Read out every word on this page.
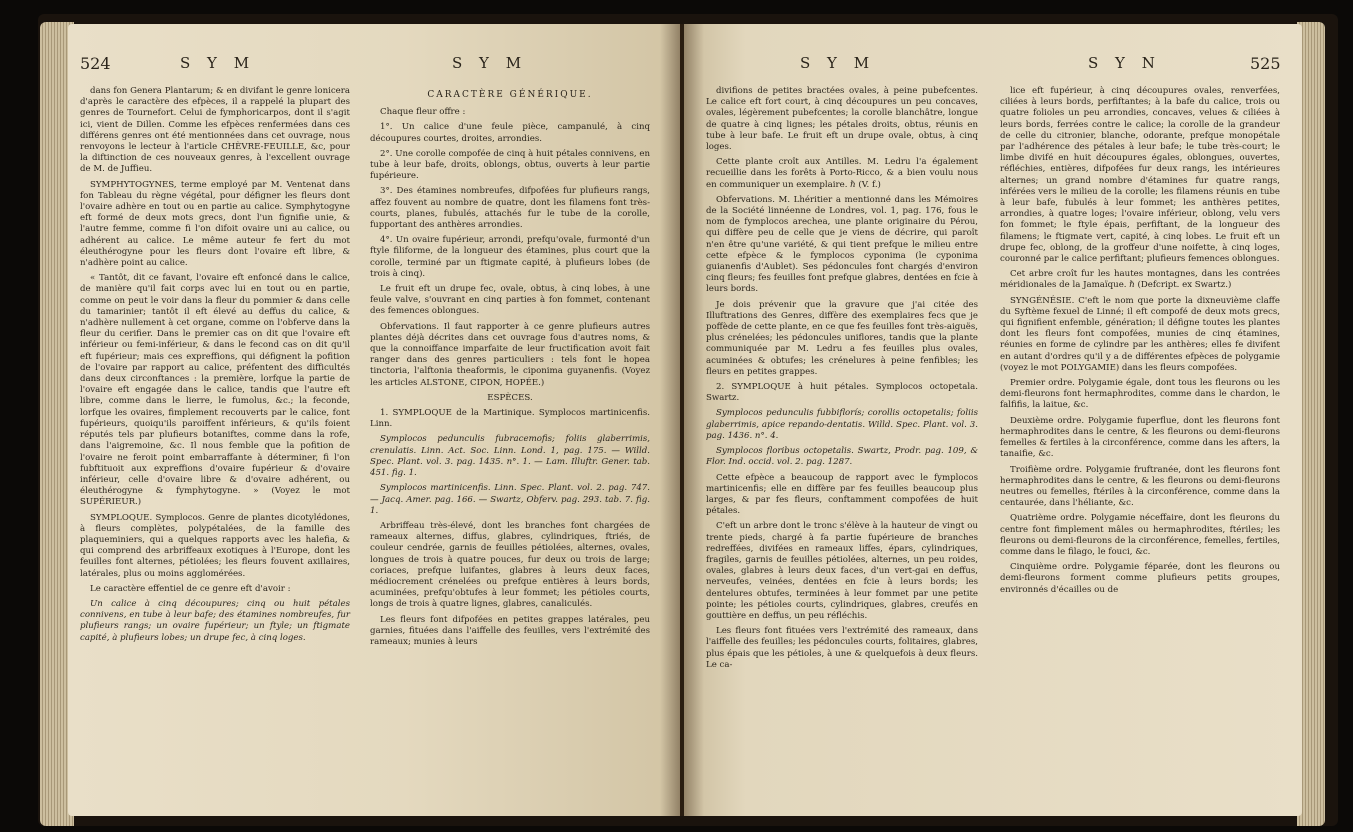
524	S Y M	S Y M

dans fon Genera Plantarum; & en divifant le genre lonicera d'après le caractère des efpèces, il a rappelé la plupart des genres de Tournefort. Celui de fymphoricarpos, dont il s'agit ici, vient de Dillen. Comme les efpèces renfermées dans ces différens genres ont été mentionnées dans cet ouvrage, nous renvoyons le lecteur à l'article CHÈVRE-FEUILLE, &c, pour la diftinction de ces nouveaux genres, à l'excellent ouvrage de M. de Juffieu.

SYMPHYTOGYNES, terme employé par M. Ventenat dans fon Tableau du règne végétal, pour défigner les fleurs dont l'ovaire adhère en tout ou en partie au calice. Symphytogyne eft formé de deux mots grecs, dont l'un fignifie unie, & l'autre femme, comme fi l'on difoit ovaire uni au calice, ou adhérent au calice. Le même auteur fe fert du mot éleuthérogyne pour les fleurs dont l'ovaire eft libre, & n'adhère point au calice.

« Tantôt, dit ce favant, l'ovaire eft enfoncé dans le calice, de manière qu'il fait corps avec lui en tout ou en partie, comme on peut le voir dans la fleur du pommier & dans celle du tamarinier; tantôt il eft élevé au deffus du calice, & n'adhère nullement à cet organe, comme on l'obferve dans la fleur du cerifier. Dans le premier cas on dit que l'ovaire eft inférieur ou femi-inférieur, & dans le fecond cas on dit qu'il eft fupérieur; mais ces expreffions, qui défignent la pofition de l'ovaire par rapport au calice, préfentent des difficultés dans deux circonftances : la première, lorfque la partie de l'ovaire eft engagée dans le calice, tandis que l'autre eft libre, comme dans le lierre, le fumolus, &c.; la feconde, lorfque les ovaires, fimplement recouverts par le calice, font fupérieurs, quoiqu'ils paroiffent inférieurs, & qu'ils foient réputés tels par plufieurs botaniftes, comme dans la rofe, dans l'aigremoine, &c. Il nous femble que la pofition de l'ovaire ne feroit point embarraffante à déterminer, fi l'on fubftituoit aux expreffions d'ovaire fupérieur & d'ovaire inférieur, celle d'ovaire libre & d'ovaire adhérent, ou éleuthérogyne & fymphytogyne. » (Voyez le mot SUPÉRIEUR.)

SYMPLOQUE. Symplocos. Genre de plantes dicotylédones, à fleurs complètes, polypétalées, de la famille des plaqueminiers, qui a quelques rapports avec les halefia, & qui comprend des arbriffeaux exotiques à l'Europe, dont les feuilles font alternes, pétiolées; les fleurs fouvent axillaires, latérales, plus ou moins agglomérées.

Le caractère effentiel de ce genre eft d'avoir :

Un calice à cinq découpures; cinq ou huit pétales connivens, en tube à leur bafe; des étamines nombreufes, fur plufieurs rangs; un ovaire fupérieur; un ftyle; un ftigmate capité, à plufieurs lobes; un drupe fec, à cinq loges.

CARACTÈRE GÉNÉRIQUE.

Chaque fleur offre :

1°. Un calice d'une feule pièce, campanulé, à cinq découpures courtes, droites, arrondies.

2°. Une corolle compofée de cinq à huit pétales connivens, en tube à leur bafe, droits, oblongs, obtus, ouverts à leur partie fupérieure.

3°. Des étamines nombreufes, difpofées fur plufieurs rangs, affez fouvent au nombre de quatre, dont les filamens font très-courts, planes, fubulés, attachés fur le tube de la corolle, fupportant des anthères arrondies.

4°. Un ovaire fupérieur, arrondi, prefqu'ovale, furmonté d'un ftyle filiforme, de la longueur des étamines, plus court que la corolle, terminé par un ftigmate capité, à plufieurs lobes (de trois à cinq).

Le fruit eft un drupe fec, ovale, obtus, à cinq lobes, à une feule valve, s'ouvrant en cinq parties à fon fommet, contenant des femences oblongues.

Obfervations. Il faut rapporter à ce genre plufieurs autres plantes déjà décrites dans cet ouvrage fous d'autres noms, & que la connoiffance imparfaite de leur fructification avoit fait ranger dans des genres particuliers : tels font le hopea tinctoria, l'alftonia theaformis, le ciponima guyanenfis. (Voyez les articles ALSTONE, CIPON, HOPÉE.)

ESPÈCES.

1. SYMPLOQUE de la Martinique. Symplocos martinicenfis. Linn.

Symplocos pedunculis fubracemofis; foliis glaberrimis, crenulatis. Linn. Act. Soc. Linn. Lond. 1, pag. 175. — Willd. Spec. Plant. vol. 3. pag. 1435. n°. 1. — Lam. Illuftr. Gener. tab. 451. fig. 1.

Symplocos martinicenfis. Linn. Spec. Plant. vol. 2. pag. 747. — Jacq. Amer. pag. 166. — Swartz, Obferv. pag. 293. tab. 7. fig. 1.

Arbriffeau très-élevé, dont les branches font chargées de rameaux alternes, diffus, glabres, cylindriques, ftriés, de couleur cendrée, garnis de feuilles pétiolées, alternes, ovales, longues de trois à quatre pouces, fur deux ou trois de large; coriaces, prefque luifantes, glabres à leurs deux faces, médiocrement crénelées ou prefque entières à leurs bords, acuminées, prefqu'obtufes à leur fommet; les pétioles courts, longs de trois à quatre lignes, glabres, canaliculés.

Les fleurs font difpofées en petites grappes latérales, peu garnies, fituées dans l'aiffelle des feuilles, vers l'extrémité des rameaux; munies à leurs

S Y M	S Y N	525

divifions de petites bractées ovales, à peine pubefcentes. Le calice eft fort court, à cinq découpures un peu concaves, ovales, légèrement pubefcentes; la corolle blanchâtre, longue de quatre à cinq lignes; les pétales droits, obtus, réunis en tube à leur bafe. Le fruit eft un drupe ovale, obtus, à cinq loges.

Cette plante croît aux Antilles. M. Ledru l'a également recueillie dans les forêts à Porto-Ricco, & a bien voulu nous en communiquer un exemplaire. ℏ (V. f.)

Obfervations. M. Lhéritier a mentionné dans les Mémoires de la Société linnéenne de Londres, vol. 1, pag. 176, fous le nom de fymplocos arechea, une plante originaire du Pérou, qui diffère peu de celle que je viens de décrire, qui paroît n'en être qu'une variété, & qui tient prefque le milieu entre cette efpèce & le fymplocos cyponima (le cyponima guianenfis d'Aublet). Ses pédoncules font chargés d'environ cinq fleurs; fes feuilles font prefque glabres, dentées en fcie à leurs bords.

Je dois prévenir que la gravure que j'ai citée des Illuftrations des Genres, diffère des exemplaires fecs que je poffède de cette plante, en ce que fes feuilles font très-aiguës, plus crénelées; les pédoncules uniflores, tandis que la plante communiquée par M. Ledru a fes feuilles plus ovales, acuminées & obtufes; les crénelures à peine fenfibles; les fleurs en petites grappes.

2. SYMPLOQUE à huit pétales. Symplocos octopetala. Swartz.

Symplocos pedunculis fubbiflorís; corollis octopetalis; foliis glaberrimis, apice repando-dentatis. Willd. Spec. Plant. vol. 3. pag. 1436. n°. 4.

Symplocos floribus octopetalis. Swartz, Prodr. pag. 109, & Flor. Ind. occid. vol. 2. pag. 1287.

Cette efpèce a beaucoup de rapport avec le fymplocos martinicenfis; elle en diffère par fes feuilles beaucoup plus larges, & par fes fleurs, conftamment compofées de huit pétales.

C'eft un arbre dont le tronc s'élève à la hauteur de vingt ou trente pieds, chargé à fa partie fupérieure de branches redreffées, divifées en rameaux liffes, épars, cylindriques, fragiles, garnis de feuilles pétiolées, alternes, un peu roides, ovales, glabres à leurs deux faces, d'un vert-gai en deffus, nerveufes, veinées, dentées en fcie à leurs bords; les dentelures obtufes, terminées à leur fommet par une petite pointe; les pétioles courts, cylindriques, glabres, creufés en gouttière en deffus, un peu réfléchis.

Les fleurs font fituées vers l'extrémité des rameaux, dans l'aiffelle des feuilles; les pédoncules courts, folitaires, glabres, plus épais que les pétioles, à une & quelquefois à deux fleurs. Le ca-

lice eft fupérieur, à cinq découpures ovales, renverfées, ciliées à leurs bords, perfiftantes; à la bafe du calice, trois ou quatre folioles un peu arrondies, concaves, velues & ciliées à leurs bords, ferrées contre le calice; la corolle de la grandeur de celle du citronier, blanche, odorante, prefque monopétale par l'adhérence des pétales à leur bafe; le tube très-court; le limbe divifé en huit découpures égales, oblongues, ouvertes, réfléchies, entières, difpofées fur deux rangs, les intérieures alternes; un grand nombre d'étamines fur quatre rangs, inférées vers le milieu de la corolle; les filamens réunis en tube à leur bafe, fubulés à leur fommet; les anthères petites, arrondies, à quatre loges; l'ovaire inférieur, oblong, velu vers fon fommet; le ftyle épais, perfiftant, de la longueur des filamens; le ftigmate vert, capité, à cinq lobes. Le fruit eft un drupe fec, oblong, de la groffeur d'une noifette, à cinq loges, couronné par le calice perfiftant; plufieurs femences oblongues.

Cet arbre croît fur les hautes montagnes, dans les contrées méridionales de la Jamaïque. ℏ (Defcript. ex Swartz.)

SYNGÉNÉSIE. C'eft le nom que porte la dixneuvième claffe du Syftème fexuel de Linné; il eft compofé de deux mots grecs, qui fignifient enfemble, génération; il défigne toutes les plantes dont les fleurs font compofées, munies de cinq étamines, réunies en forme de cylindre par les anthères; elles fe divifent en autant d'ordres qu'il y a de différentes efpèces de polygamie (voyez le mot POLYGAMIE) dans les fleurs compofées.

Premier ordre. Polygamie égale, dont tous les fleurons ou les demi-fleurons font hermaphrodites, comme dans le chardon, le falfifis, la laitue, &c.

Deuxième ordre. Polygamie fuperflue, dont les fleurons font hermaphrodites dans le centre, & les fleurons ou demi-fleurons femelles & fertiles à la circonférence, comme dans les afters, la tanaifie, &c.

Troifième ordre. Polygamie fruftranée, dont les fleurons font hermaphrodites dans le centre, & les fleurons ou demi-fleurons neutres ou femelles, ftériles à la circonférence, comme dans la centaurée, dans l'héliante, &c.

Quatrième ordre. Polygamie néceffaire, dont les fleurons du centre font fimplement mâles ou hermaphrodites, ftériles; les fleurons ou demi-fleurons de la circonférence, femelles, fertiles, comme dans le filago, le fouci, &c.

Cinquième ordre. Polygamie féparée, dont les fleurons ou demi-fleurons forment comme plufieurs petits groupes, environnés d'écailles ou de
